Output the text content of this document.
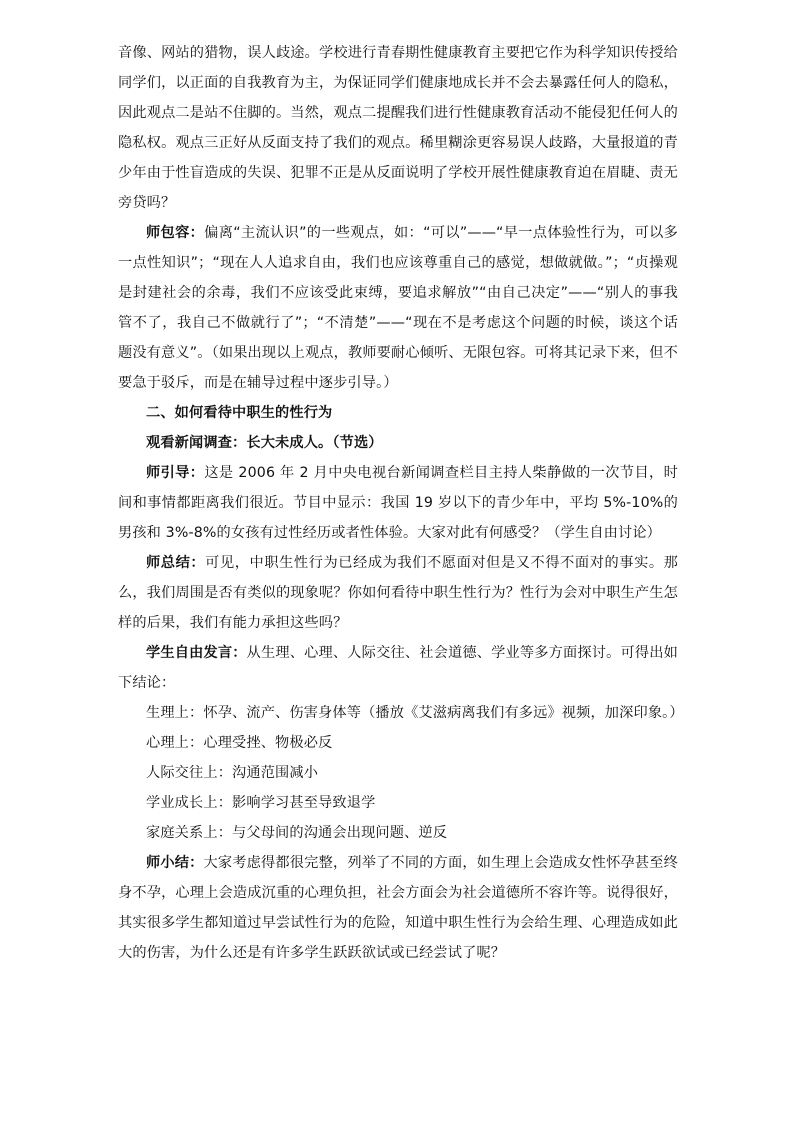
音像、网站的猎物，误人歧途。学校进行青春期性健康教育主要把它作为科学知识传授给同学们，以正面的自我教育为主，为保证同学们健康地成长并不会去暴露任何人的隐私，因此观点二是站不住脚的。当然，观点二提醒我们进行性健康教育活动不能侵犯任何人的隐私权。观点三正好从反面支持了我们的观点。稀里糊涂更容易误人歧路，大量报道的青少年由于性盲造成的失误、犯罪不正是从反面说明了学校开展性健康教育迫在眉睫、责无旁贷吗？

师包容：偏离“主流认识”的一些观点，如：“可以”——“早一点体验性行为，可以多一点性知识”；“现在人人追求自由，我们也应该尊重自己的感觉，想做就做。”；“贞操观是封建社会的余毒，我们不应该受此束缚，要追求解放”“由自己决定”——“别人的事我管不了，我自己不做就行了”；“不清楚”——“现在不是考虑这个问题的时候，谈这个话题没有意义”。（如果出现以上观点，教师要耐心倾听、无限包容。可将其记录下来，但不要急于驳斥，而是在辅导过程中逐步引导。）

二、如何看待中职生的性行为

观看新闻调查：长大未成人。（节选）

师引导：这是 2006 年 2 月中央电视台新闻调查栏目主持人柴静做的一次节目，时间和事情都距离我们很近。节目中显示：我国 19 岁以下的青少年中，平均 5%-10%的男孩和 3%-8%的女孩有过性经历或者性体验。大家对此有何感受？（学生自由讨论）

师总结：可见，中职生性行为已经成为我们不愿面对但是又不得不面对的事实。那么，我们周围是否有类似的现象呢？你如何看待中职生性行为？性行为会对中职生产生怎样的后果，我们有能力承担这些吗？

学生自由发言：从生理、心理、人际交往、社会道德、学业等多方面探讨。可得出如下结论：

生理上：怀孕、流产、伤害身体等（播放《艾滋病离我们有多远》视频，加深印象。）

心理上：心理受挫、物极必反

人际交往上：沟通范围减小

学业成长上：影响学习甚至导致退学

家庭关系上：与父母间的沟通会出现问题、逆反

师小结：大家考虑得都很完整，列举了不同的方面，如生理上会造成女性怀孕甚至终身不孕，心理上会造成沉重的心理负担，社会方面会为社会道德所不容许等。说得很好，其实很多学生都知道过早尝试性行为的危险，知道中职生性行为会给生理、心理造成如此大的伤害，为什么还是有许多学生跃跃欲试或已经尝试了呢？
